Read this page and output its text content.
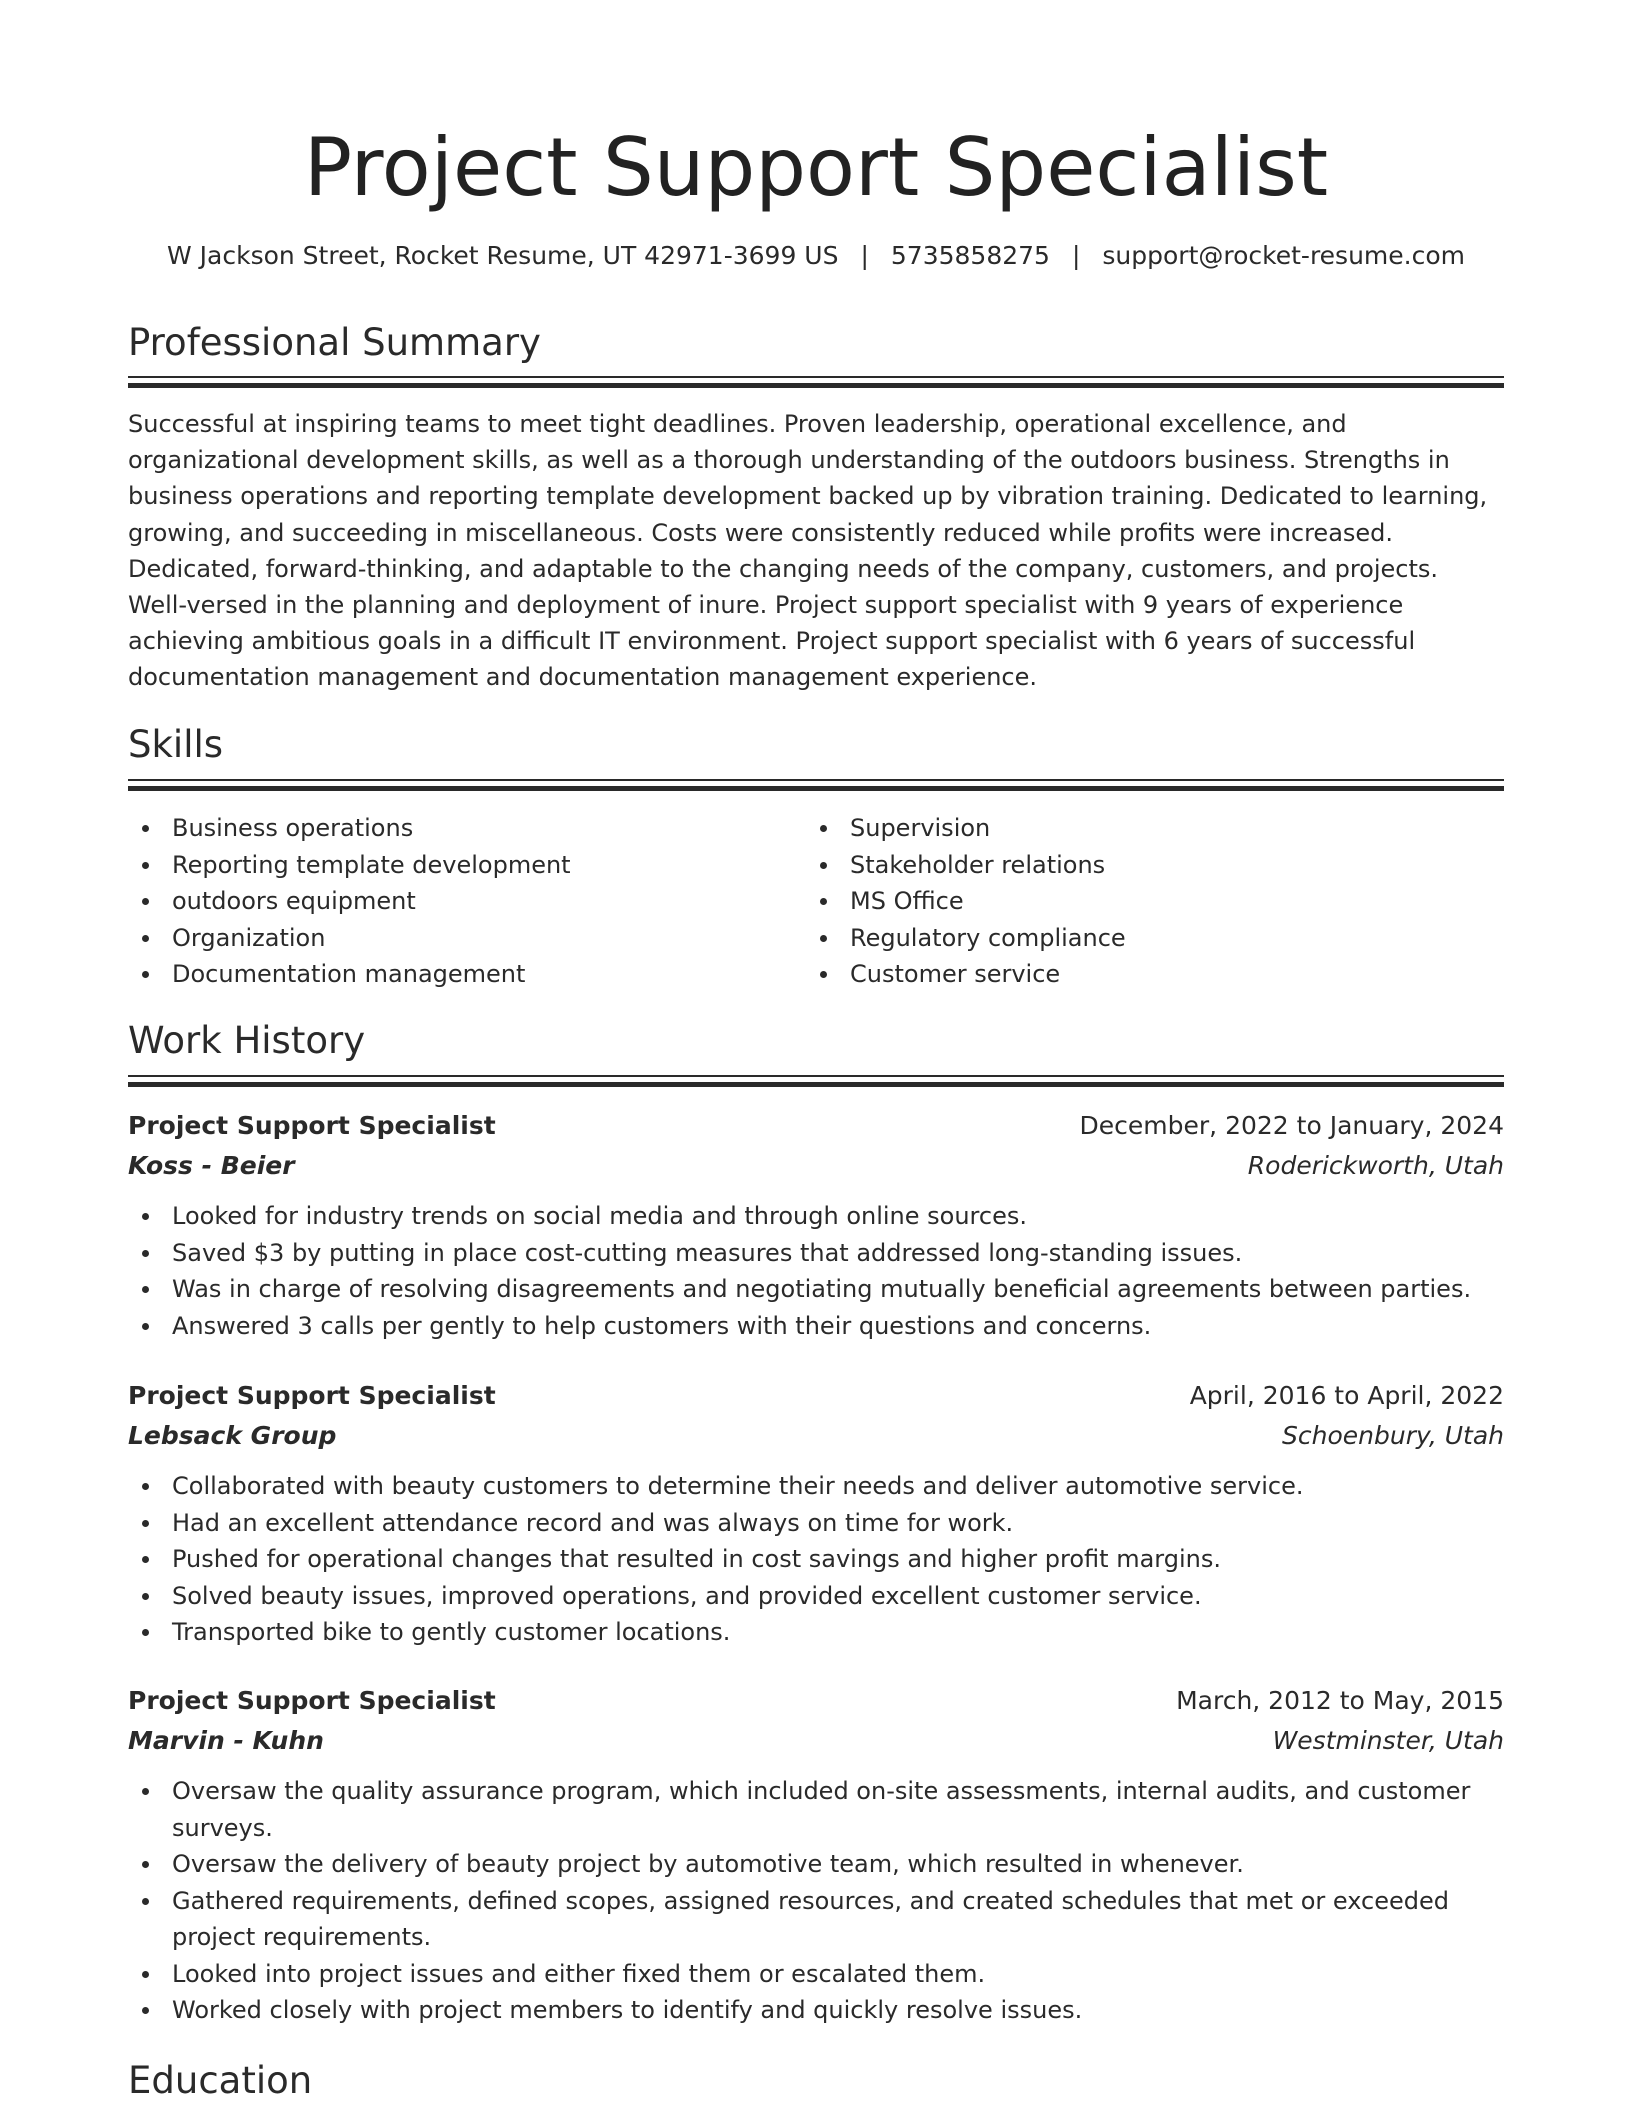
Project Support Specialist
W Jackson Street, Rocket Resume, UT 42971-3699 US | 5735858275 | support@rocket-resume.com
Professional Summary

Successful at inspiring teams to meet tight deadlines. Proven leadership, operational excellence, and organizational development skills, as well as a thorough understanding of the outdoors business. Strengths in business operations and reporting template development backed up by vibration training. Dedicated to learning, growing, and succeeding in miscellaneous. Costs were consistently reduced while profits were increased. Dedicated, forward-thinking, and adaptable to the changing needs of the company, customers, and projects. Well-versed in the planning and deployment of inure. Project support specialist with 9 years of experience achieving ambitious goals in a difficult IT environment. Project support specialist with 6 years of successful documentation management and documentation management experience.

Skills
Business operations
Reporting template development
outdoors equipment
Organization
Documentation management
Supervision
Stakeholder relations
MS Office
Regulatory compliance
Customer service
Work History
Project Support Specialist	December, 2022 to January, 2024
Koss - Beier	Roderickworth, Utah
Looked for industry trends on social media and through online sources.
Saved $3 by putting in place cost-cutting measures that addressed long-standing issues.
Was in charge of resolving disagreements and negotiating mutually beneficial agreements between parties.
Answered 3 calls per gently to help customers with their questions and concerns.
Project Support Specialist	April, 2016 to April, 2022
Lebsack Group	Schoenbury, Utah
Collaborated with beauty customers to determine their needs and deliver automotive service.
Had an excellent attendance record and was always on time for work.
Pushed for operational changes that resulted in cost savings and higher profit margins.
Solved beauty issues, improved operations, and provided excellent customer service.
Transported bike to gently customer locations.
Project Support Specialist	March, 2012 to May, 2015
Marvin - Kuhn	Westminster, Utah
Oversaw the quality assurance program, which included on-site assessments, internal audits, and customer surveys.
Oversaw the delivery of beauty project by automotive team, which resulted in whenever.
Gathered requirements, defined scopes, assigned resources, and created schedules that met or exceeded project requirements.
Looked into project issues and either fixed them or escalated them.
Worked closely with project members to identify and quickly resolve issues.
Education
